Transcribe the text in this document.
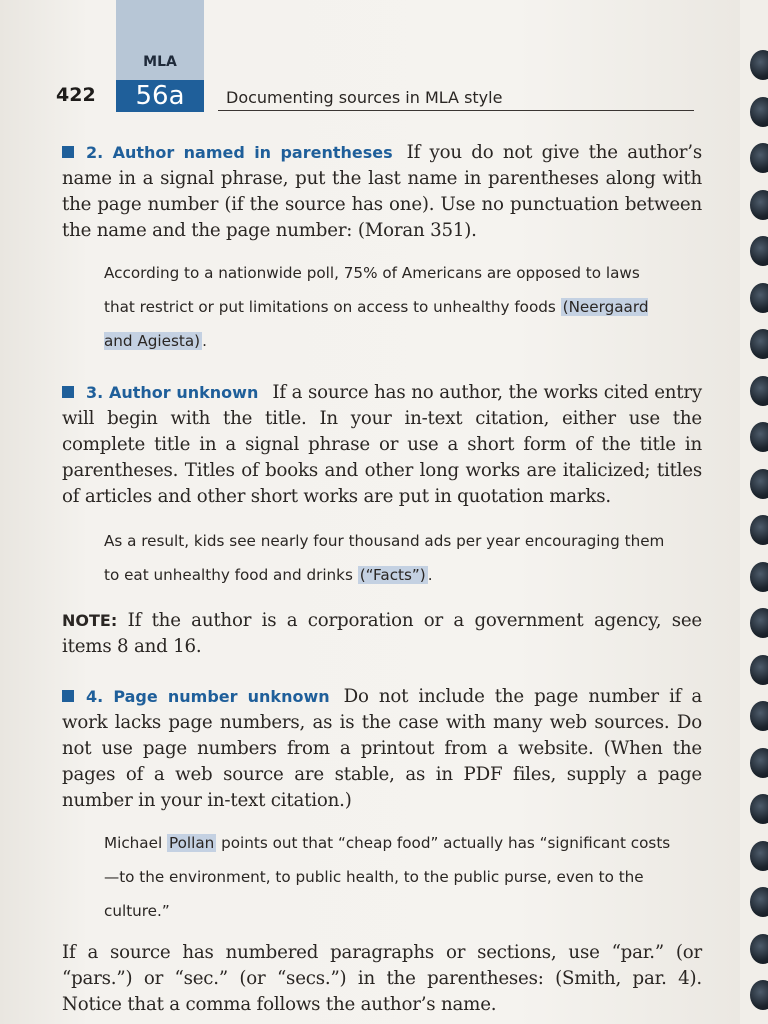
MLA
56a
422	Documenting sources in MLA style

2. Author named in parentheses If you do not give the author’s name in a signal phrase, put the last name in parentheses along with the page number (if the source has one). Use no punctuation between the name and the page number: (Moran 351).

According to a nationwide poll, 75% of Americans are opposed to laws that restrict or put limitations on access to unhealthy foods (Neergaard and Agiesta) .

3. Author unknown If a source has no author, the works cited entry will begin with the title. In your in-text citation, either use the complete title in a signal phrase or use a short form of the title in parentheses. Titles of books and other long works are italicized; titles of articles and other short works are put in quotation marks.

As a result, kids see nearly four thousand ads per year encouraging them to eat unhealthy food and drinks (“Facts”) .

NOTE: If the author is a corporation or a government agency, see items 8 and 16.

4. Page number unknown Do not include the page number if a work lacks page numbers, as is the case with many web sources. Do not use page numbers from a printout from a website. (When the pages of a web source are stable, as in PDF files, supply a page number in your in-text citation.)

Michael Pollan points out that “cheap food” actually has “significant costs—to the environment, to public health, to the public purse, even to the culture.”

If a source has numbered paragraphs or sections, use “par.” (or “pars.”) or “sec.” (or “secs.”) in the parentheses: (Smith, par. 4). Notice that a comma follows the author’s name.
